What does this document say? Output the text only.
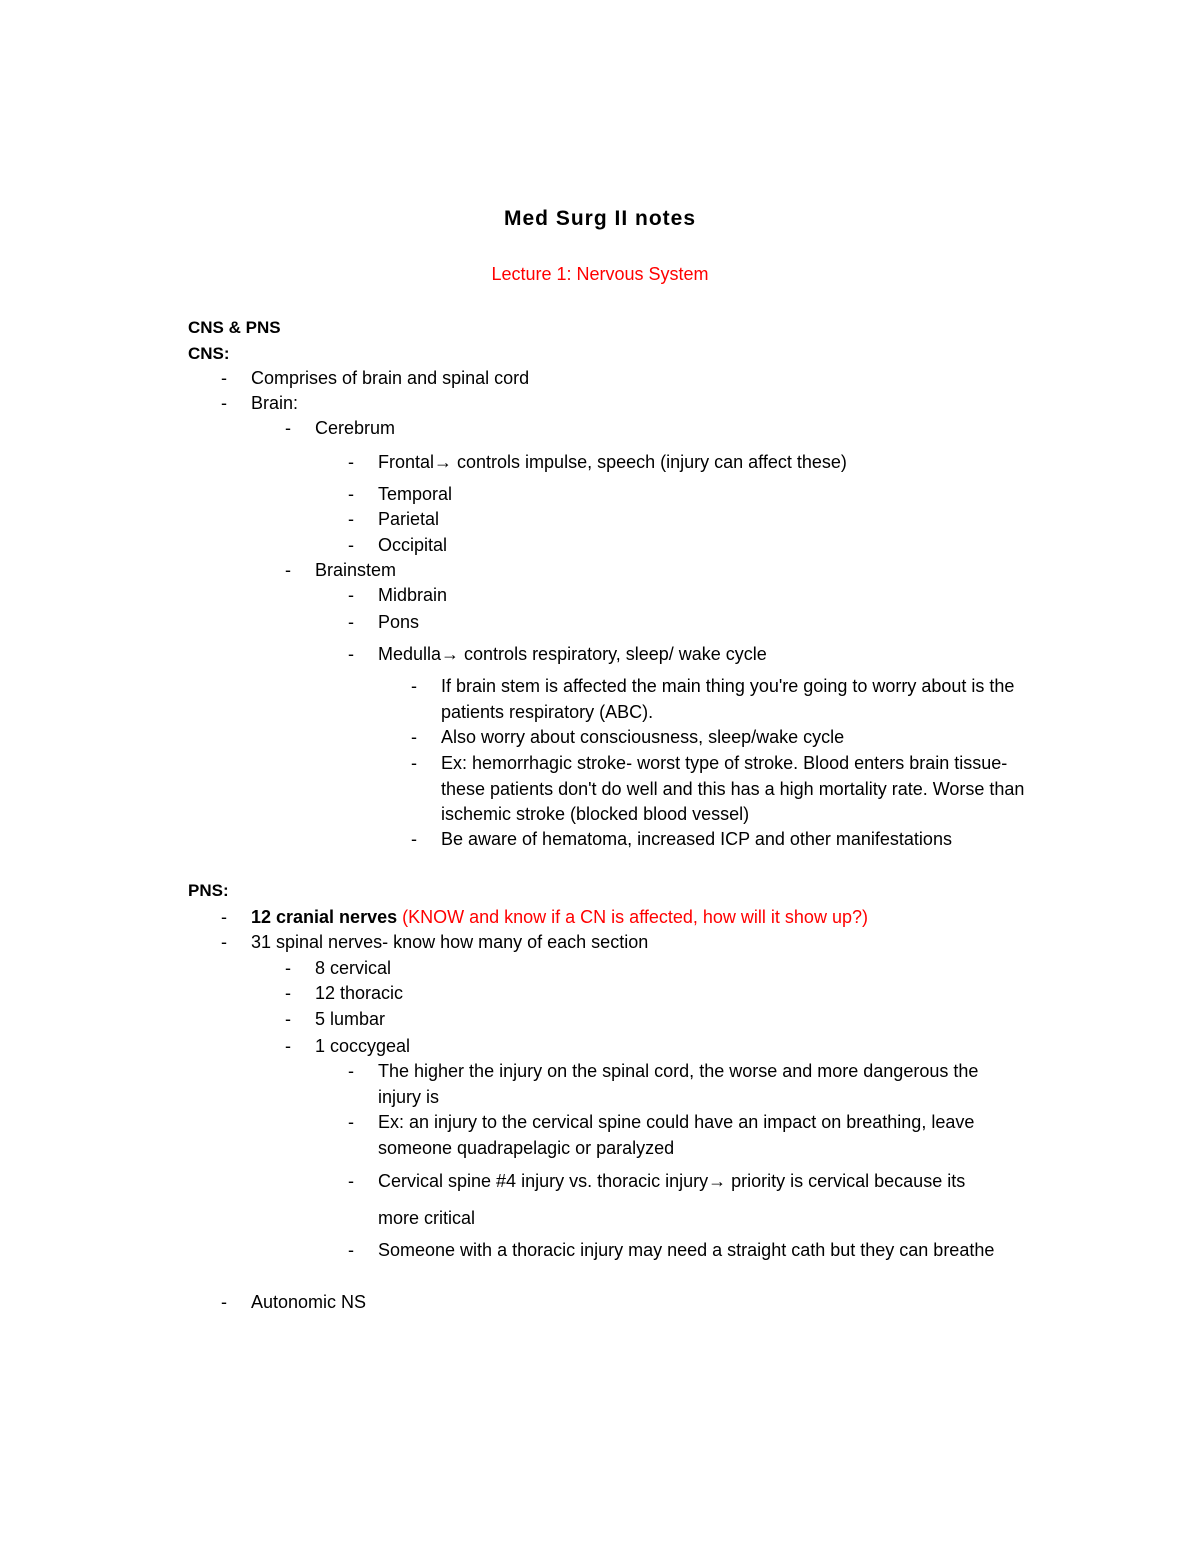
Med Surg II notes
Lecture 1: Nervous System
CNS & PNS
CNS:
- Comprises of brain and spinal cord
- Brain:
- Cerebrum
- Frontal→ controls impulse, speech (injury can affect these)
- Temporal
- Parietal
- Occipital
- Brainstem
- Midbrain
- Pons
- Medulla→ controls respiratory, sleep/ wake cycle
- If brain stem is affected the main thing you're going to worry about is the patients respiratory (ABC).
- Also worry about consciousness, sleep/wake cycle
- Ex: hemorrhagic stroke- worst type of stroke. Blood enters brain tissue- these patients don't do well and this has a high mortality rate. Worse than ischemic stroke (blocked blood vessel)
- Be aware of hematoma, increased ICP and other manifestations
PNS:
- 12 cranial nerves (KNOW and know if a CN is affected, how will it show up?)
- 31 spinal nerves- know how many of each section
- 8 cervical
- 12 thoracic
- 5 lumbar
- 1 coccygeal
- The higher the injury on the spinal cord, the worse and more dangerous the injury is
- Ex: an injury to the cervical spine could have an impact on breathing, leave someone quadrapelagic or paralyzed
- Cervical spine #4 injury vs. thoracic injury→ priority is cervical because its
more critical
- Someone with a thoracic injury may need a straight cath but they can breathe
- Autonomic NS
